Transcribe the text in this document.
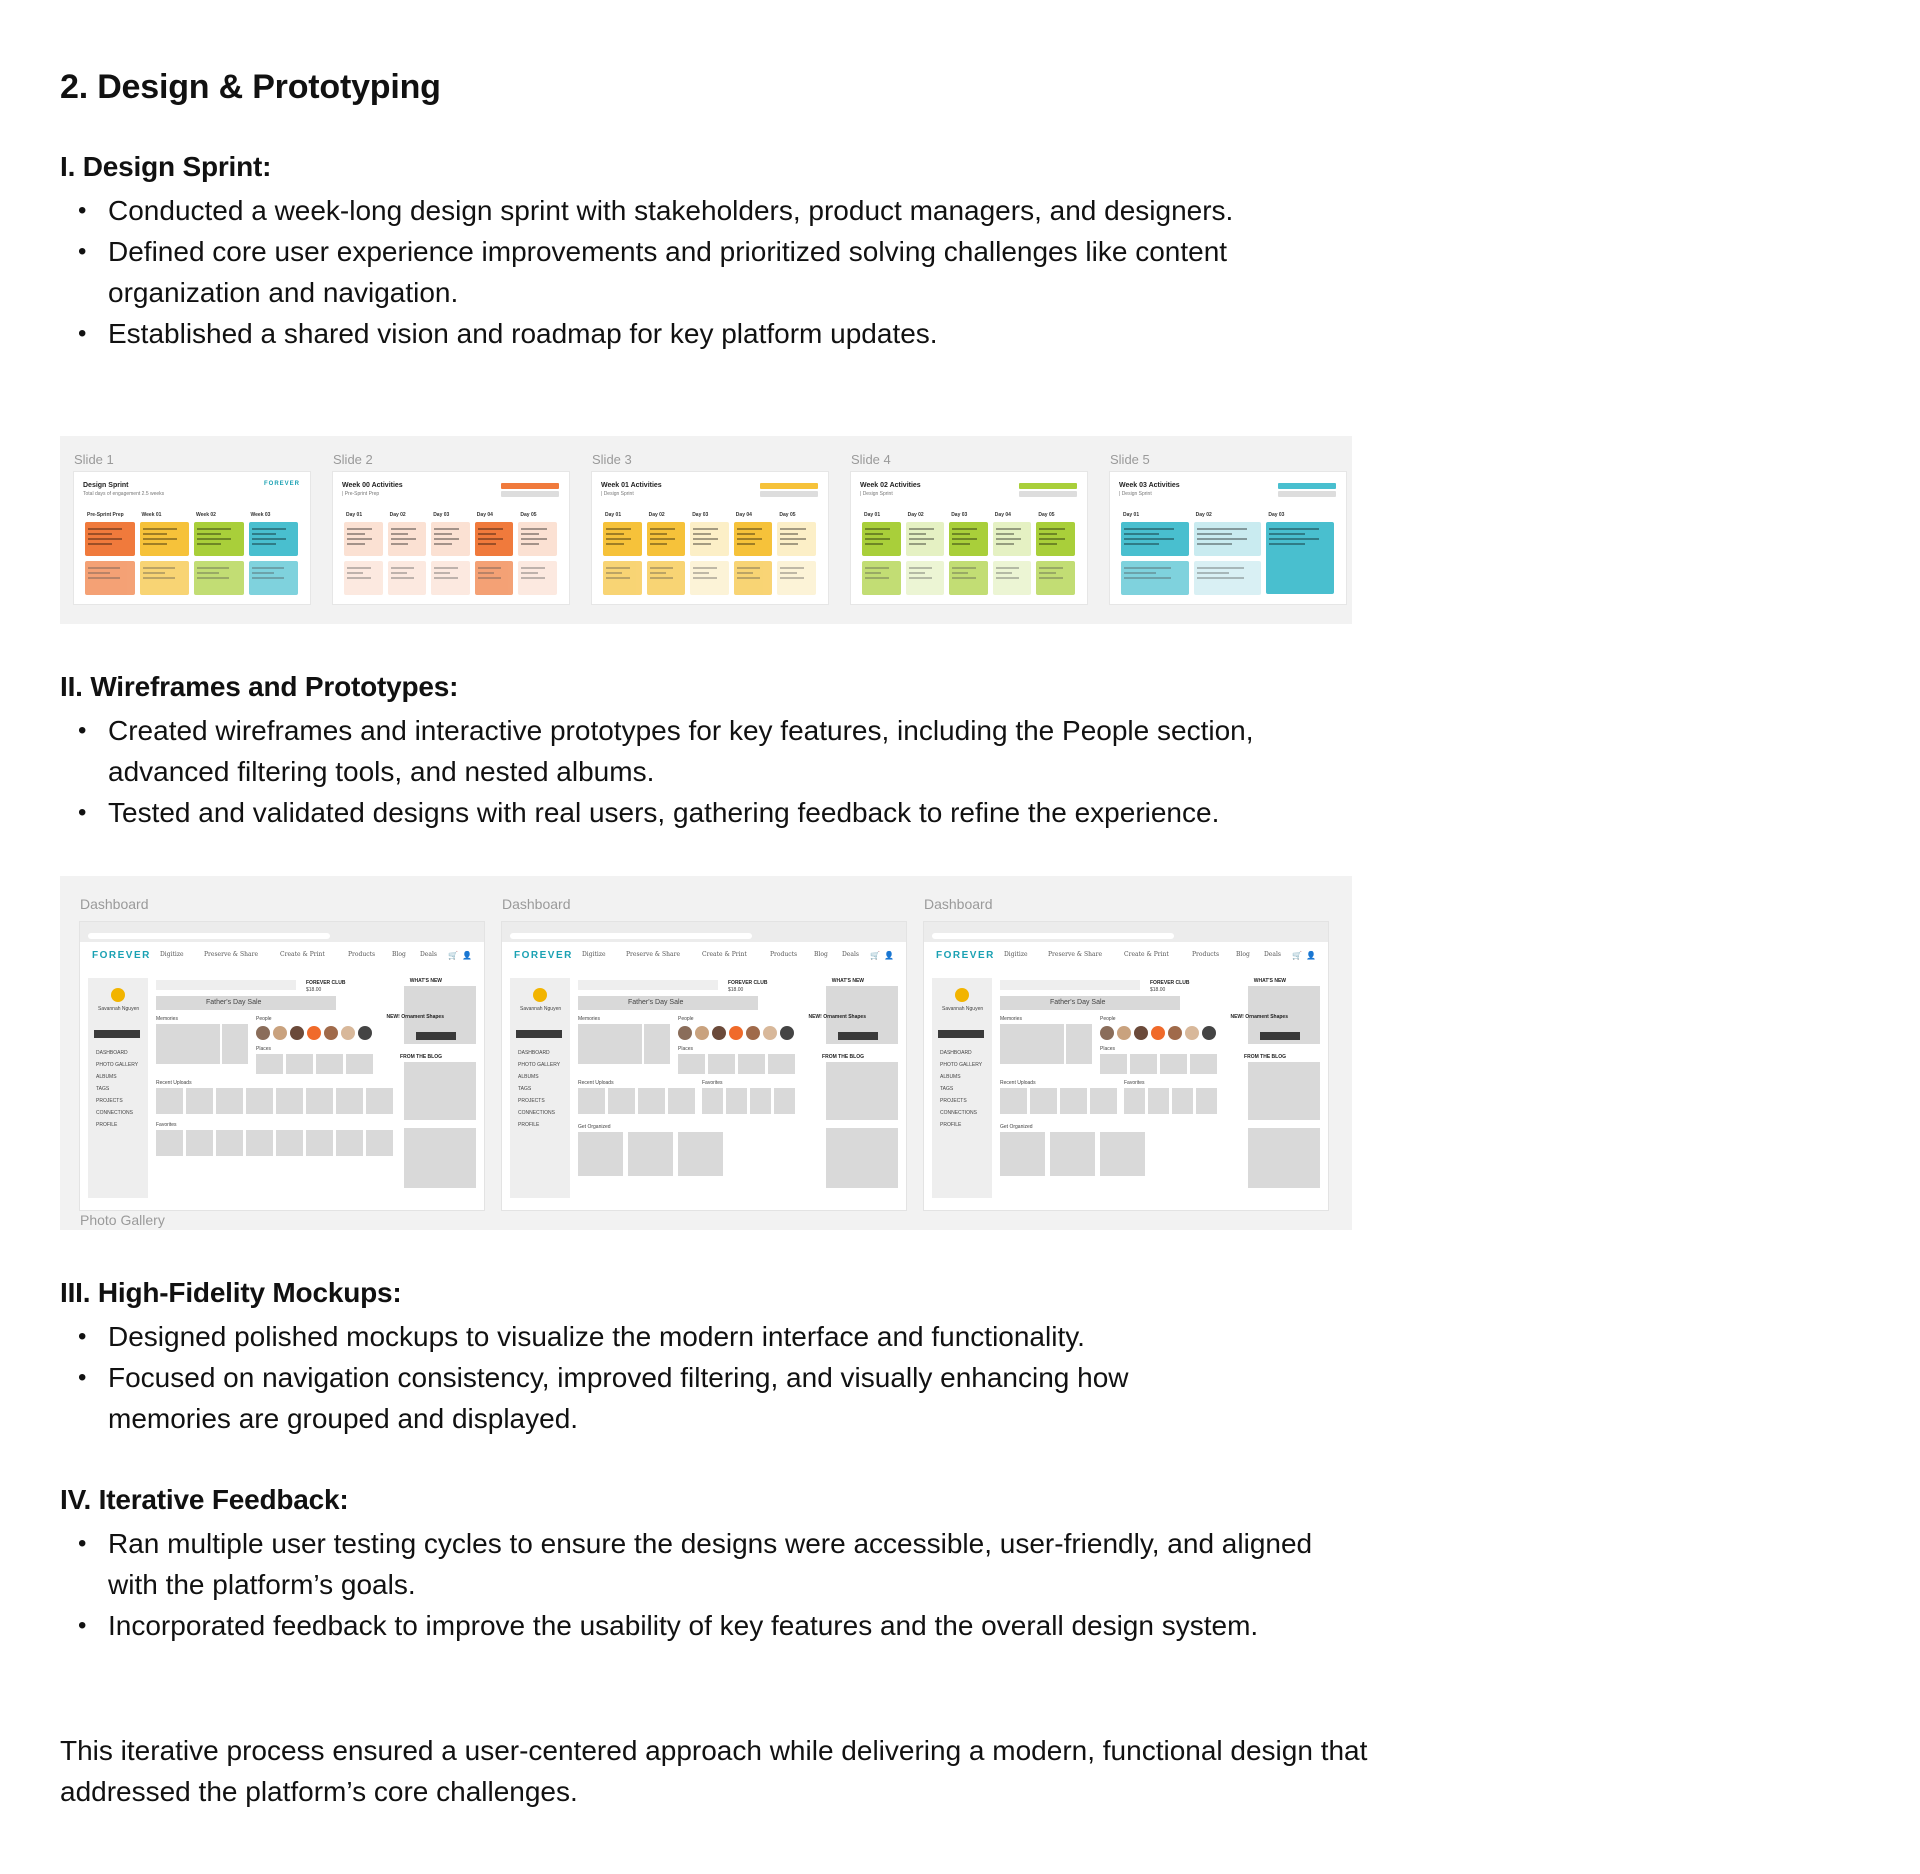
2. Design & Prototyping
I. Design Sprint:
• Conducted a week-long design sprint with stakeholders, product managers, and designers.
• Defined core user experience improvements and prioritized solving challenges like content organization and navigation.
• Established a shared vision and roadmap for key platform updates.
Slide 1
Design Sprint
Total days of engagement 2.5 weeks
FOREVER
Pre-Sprint Prep	Week 01	Week 02	Week 03
Slide 2
Week 00 Activities
| Pre-Sprint Prep
Day 01	Day 02	Day 03	Day 04	Day 05
Slide 3
Week 01 Activities
| Design Sprint
Day 01	Day 02	Day 03	Day 04	Day 05
Slide 4
Week 02 Activities
| Design Sprint
Day 01	Day 02	Day 03	Day 04	Day 05
Slide 5
Week 03 Activities
| Design Sprint
Day 01	Day 02	Day 03
II. Wireframes and Prototypes:
• Created wireframes and interactive prototypes for key features, including the People section, advanced filtering tools, and nested albums.
• Tested and validated designs with real users, gathering feedback to refine the experience.
Dashboard
FOREVER Digitize	Preserve & Share	Create & Print	Products	Blog Deals 🛒 👤
Savannah Nguyen
DASHBOARD
PHOTO GALLERY
ALBUMS
TAGS
PROJECTS
CONNECTIONS
PROFILE
Father's Day Sale
FOREVER CLUB
$18.00
Memories	People
Places
Recent Uploads
Favorites
WHAT'S NEW
NEW! Ornament Shapes
FROM THE BLOG
Dashboard
FOREVER Digitize	Preserve & Share	Create & Print	Products	Blog Deals 🛒 👤
Savannah Nguyen
DASHBOARD
PHOTO GALLERY
ALBUMS
TAGS
PROJECTS
CONNECTIONS
PROFILE
Father's Day Sale
FOREVER CLUB
$18.00
Memories	People
Places
Recent Uploads	Favorites
Get Organized
WHAT'S NEW
NEW! Ornament Shapes
FROM THE BLOG
Dashboard
FOREVER Digitize	Preserve & Share	Create & Print	Products	Blog Deals 🛒 👤
Savannah Nguyen
DASHBOARD
PHOTO GALLERY
ALBUMS
TAGS
PROJECTS
CONNECTIONS
PROFILE
Father's Day Sale
FOREVER CLUB
$18.00
Memories	People
Places
Recent Uploads	Favorites
Get Organized
WHAT'S NEW
NEW! Ornament Shapes
FROM THE BLOG
Photo Gallery
III. High-Fidelity Mockups:
• Designed polished mockups to visualize the modern interface and functionality.
• Focused on navigation consistency, improved filtering, and visually enhancing how memories are grouped and displayed.
IV. Iterative Feedback:
• Ran multiple user testing cycles to ensure the designs were accessible, user-friendly, and aligned with the platform’s goals.
• Incorporated feedback to improve the usability of key features and the overall design system.

This iterative process ensured a user-centered approach while delivering a modern, functional design that addressed the platform’s core challenges.
